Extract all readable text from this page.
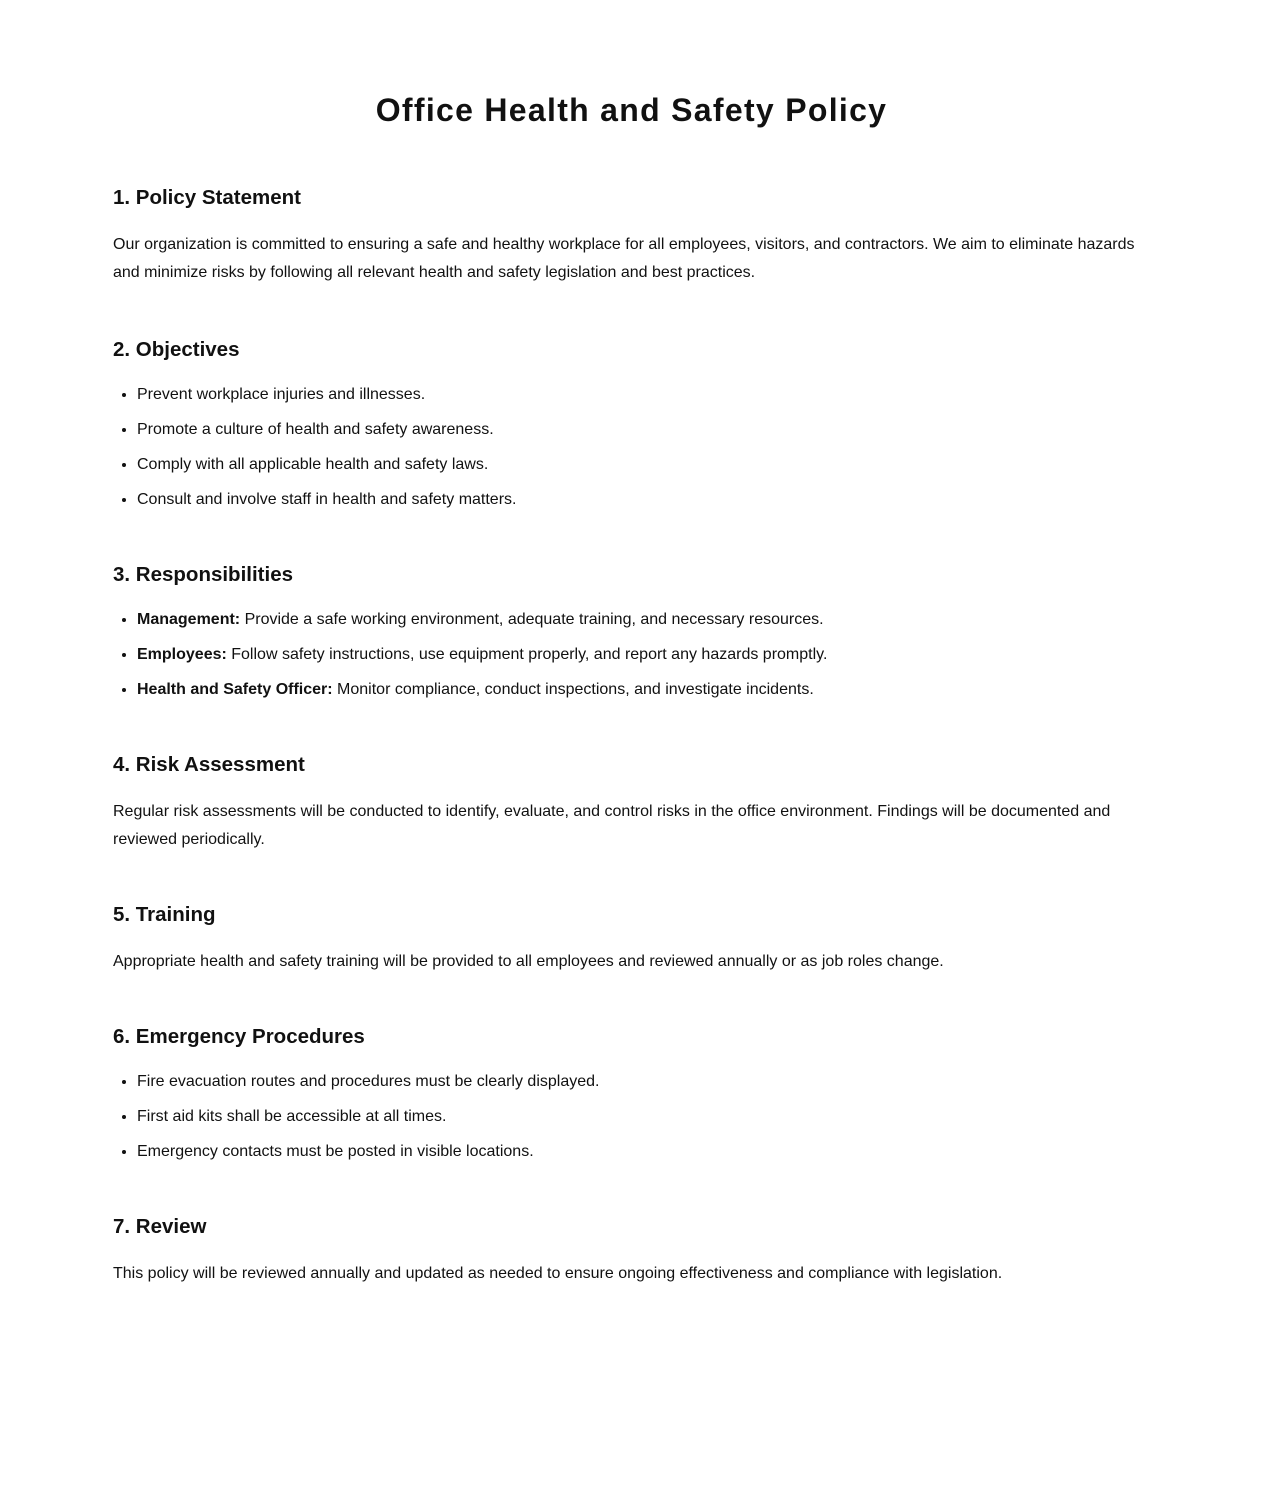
Office Health and Safety Policy
1. Policy Statement

Our organization is committed to ensuring a safe and healthy workplace for all employees, visitors, and contractors. We aim to eliminate hazards and minimize risks by following all relevant health and safety legislation and best practices.

2. Objectives
• Prevent workplace injuries and illnesses.
• Promote a culture of health and safety awareness.
• Comply with all applicable health and safety laws.
• Consult and involve staff in health and safety matters.
3. Responsibilities
• Management: Provide a safe working environment, adequate training, and necessary resources.
• Employees: Follow safety instructions, use equipment properly, and report any hazards promptly.
• Health and Safety Officer: Monitor compliance, conduct inspections, and investigate incidents.
4. Risk Assessment

Regular risk assessments will be conducted to identify, evaluate, and control risks in the office environment. Findings will be documented and reviewed periodically.

5. Training

Appropriate health and safety training will be provided to all employees and reviewed annually or as job roles change.

6. Emergency Procedures
• Fire evacuation routes and procedures must be clearly displayed.
• First aid kits shall be accessible at all times.
• Emergency contacts must be posted in visible locations.
7. Review

This policy will be reviewed annually and updated as needed to ensure ongoing effectiveness and compliance with legislation.
